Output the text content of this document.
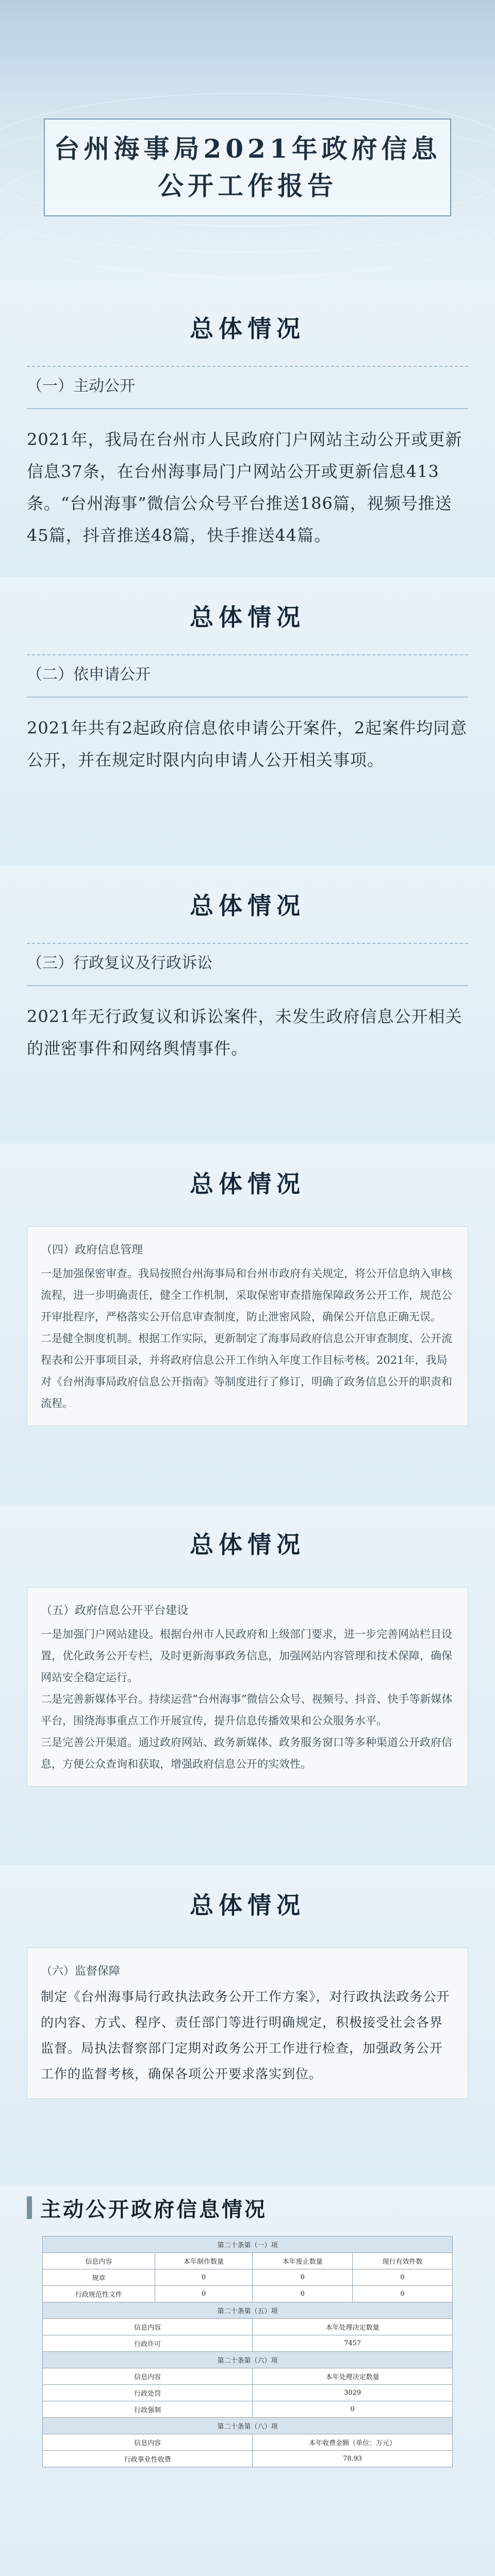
台州海事局2021年政府信息
公开工作报告
总体情况
（一）主动公开

2021年，我局在台州市人民政府门户网站主动公开或更新信息37条，在台州海事局门户网站公开或更新信息413条。“台州海事”微信公众号平台推送186篇，视频号推送45篇，抖音推送48篇，快手推送44篇。

总体情况
（二）依申请公开

2021年共有2起政府信息依申请公开案件，2起案件均同意公开，并在规定时限内向申请人公开相关事项。

总体情况
（三）行政复议及行政诉讼

2021年无行政复议和诉讼案件，未发生政府信息公开相关的泄密事件和网络舆情事件。

总体情况
（四）政府信息管理

一是加强保密审查。我局按照台州海事局和台州市政府有关规定，将公开信息纳入审核流程，进一步明确责任，健全工作机制，采取保密审查措施保障政务公开工作，规范公开审批程序，严格落实公开信息审查制度，防止泄密风险，确保公开信息正确无误。

二是健全制度机制。根据工作实际，更新制定了海事局政府信息公开审查制度、公开流程表和公开事项目录，并将政府信息公开工作纳入年度工作目标考核。2021年，我局对《台州海事局政府信息公开指南》等制度进行了修订，明确了政务信息公开的职责和流程。

总体情况
（五）政府信息公开平台建设

一是加强门户网站建设。根据台州市人民政府和上级部门要求，进一步完善网站栏目设置，优化政务公开专栏，及时更新海事政务信息，加强网站内容管理和技术保障，确保网站安全稳定运行。

二是完善新媒体平台。持续运营“台州海事”微信公众号、视频号、抖音、快手等新媒体平台，围绕海事重点工作开展宣传，提升信息传播效果和公众服务水平。

三是完善公开渠道。通过政府网站、政务新媒体、政务服务窗口等多种渠道公开政府信息，方便公众查询和获取，增强政府信息公开的实效性。

总体情况
（六）监督保障

制定《台州海事局行政执法政务公开工作方案》，对行政执法政务公开的内容、方式、程序、责任部门等进行明确规定，积极接受社会各界监督。局执法督察部门定期对政务公开工作进行检查，加强政务公开工作的监督考核，确保各项公开要求落实到位。

主动公开政府信息情况
第二十条第（一）项			
信息内容	本年制作数量	本年废止数量	现行有效件数
规章	0	0	0
行政规范性文件	0	0	0
第二十条第（五）项			
信息内容		本年处理决定数量	
行政许可		7457	
第二十条第（六）项			
信息内容		本年处理决定数量	
行政处罚		3029	
行政强制		0	
第二十条第（八）项			
信息内容		本年收费金额（单位：万元）	
行政事业性收费		78.93	
